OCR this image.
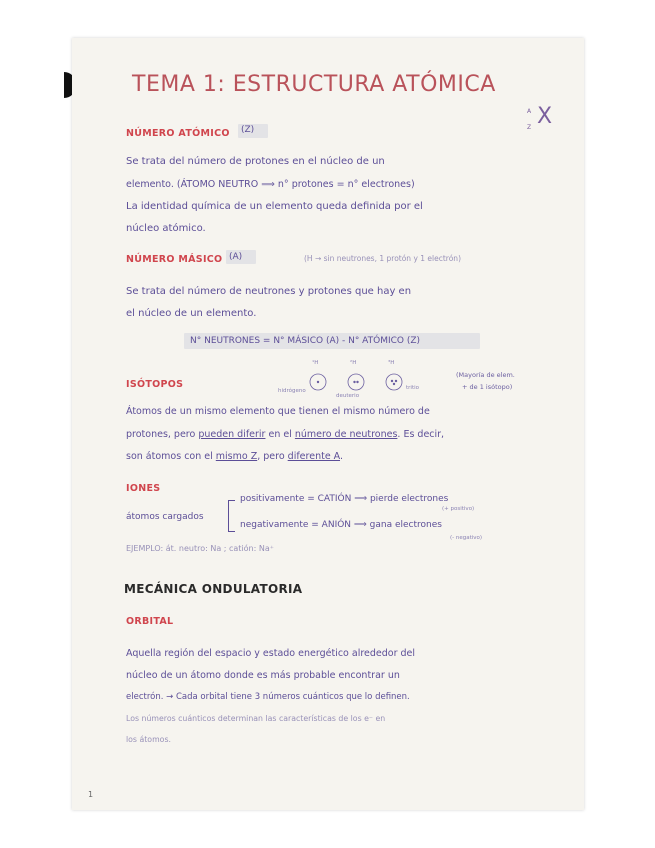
TEMA 1: ESTRUCTURA ATÓMICA
A X
Z
NÚMERO ATÓMICO (Z)
Se trata del número de protones en el núcleo de un
elemento. (ÁTOMO NEUTRO ⟹ n° protones = n° electrones)
La identidad química de un elemento queda definida por el
núcleo atómico.
NÚMERO MÁSICO (A)	(H → sin neutrones, 1 protón y 1 electrón)
Se trata del número de neutrones y protones que hay en
el núcleo de un elemento.
N° NEUTRONES = N° MÁSICO (A) - N° ATÓMICO (Z)
ISÓTOPOS
¹H	²H	³H
hidrógeno
deuterio
tritio
(Mayoría de elem.
+ de 1 isótopo)
Átomos de un mismo elemento que tienen el mismo número de
protones, pero pueden diferir en el número de neutrones. Es decir,
son átomos con el mismo Z, pero diferente A.
IONES
átomos cargados
positivamente = CATIÓN ⟹ pierde electrones
(+ positivo)
negativamente = ANIÓN ⟹ gana electrones
(- negativo)
EJEMPLO: át. neutro: Na ; catión: Na⁺
MECÁNICA ONDULATORIA
ORBITAL
Aquella región del espacio y estado energético alrededor del
núcleo de un átomo donde es más probable encontrar un
electrón. → Cada orbital tiene 3 números cuánticos que lo definen.
Los números cuánticos determinan las características de los e⁻ en
los átomos.
1
